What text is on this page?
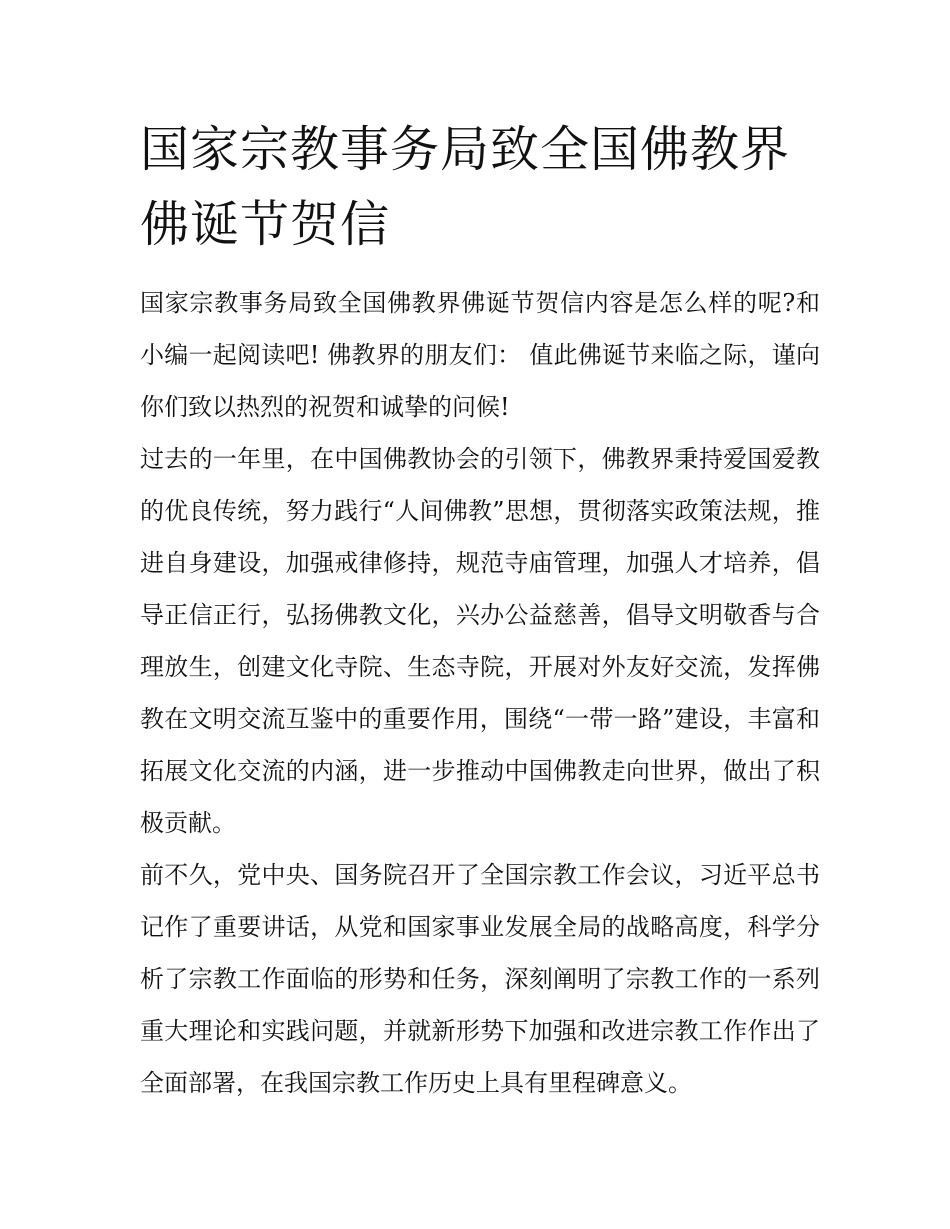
国家宗教事务局致全国佛教界佛诞节贺信

国家宗教事务局致全国佛教界佛诞节贺信内容是怎么样的呢?和小编一起阅读吧! 佛教界的朋友们： 值此佛诞节来临之际，谨向你们致以热烈的祝贺和诚挚的问候!

过去的一年里，在中国佛教协会的引领下，佛教界秉持爱国爱教的优良传统，努力践行“人间佛教”思想，贯彻落实政策法规，推进自身建设，加强戒律修持，规范寺庙管理，加强人才培养，倡导正信正行，弘扬佛教文化，兴办公益慈善，倡导文明敬香与合理放生，创建文化寺院、生态寺院，开展对外友好交流，发挥佛教在文明交流互鉴中的重要作用，围绕“一带一路”建设，丰富和拓展文化交流的内涵，进一步推动中国佛教走向世界，做出了积极贡献。

前不久，党中央、国务院召开了全国宗教工作会议，习近平总书记作了重要讲话，从党和国家事业发展全局的战略高度，科学分析了宗教工作面临的形势和任务，深刻阐明了宗教工作的一系列重大理论和实践问题，并就新形势下加强和改进宗教工作作出了全面部署，在我国宗教工作历史上具有里程碑意义。
